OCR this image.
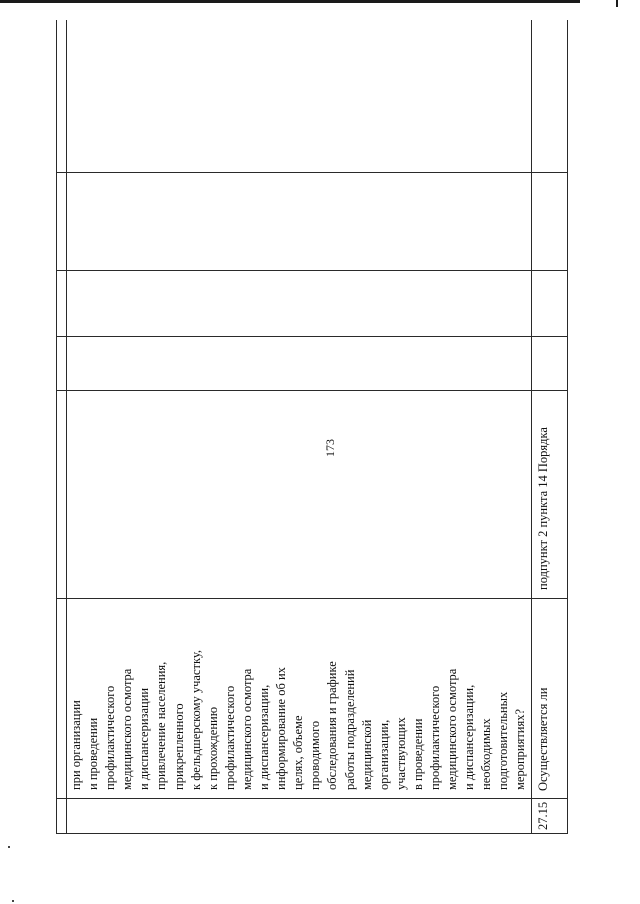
173
при организации
и проведении
профилактического
медицинского осмотра
и диспансеризации
привлечение населения,
прикрепленного
к фельдшерскому участку,
к прохождению
профилактического
медицинского осмотра
и диспансеризации,
информирование об их
целях, объеме
проводимого
обследования и графике
работы подразделений
медицинской
организации,
участвующих
в проведении
профилактического
медицинского осмотра
и диспансеризации,
необходимых
подготовительных
мероприятиях?
27.15
Осуществляется ли
подпункт 2 пункта 14 Порядка
